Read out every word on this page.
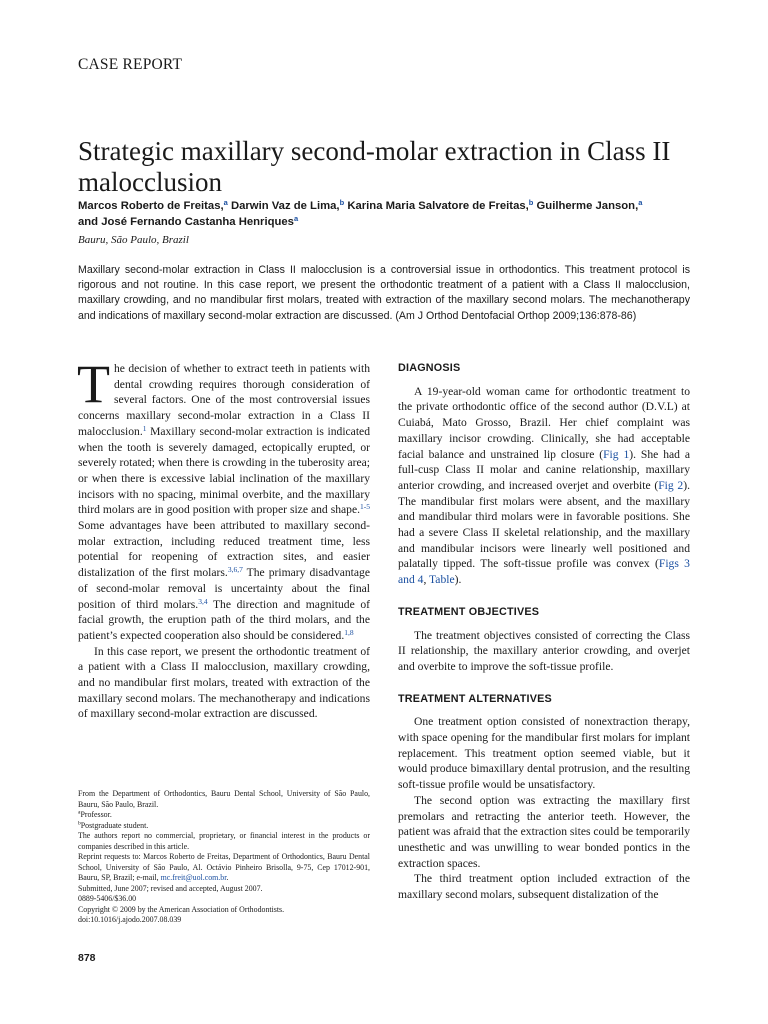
CASE REPORT
Strategic maxillary second-molar extraction in Class II malocclusion
Marcos Roberto de Freitas,$^a$ Darwin Vaz de Lima,$^b$ Karina Maria Salvatore de Freitas,$^b$ Guilherme Janson,$^a$
and José Fernando Castanha Henriques$^a$
Bauru, São Paulo, Brazil
Maxillary second-molar extraction in Class II malocclusion is a controversial issue in orthodontics. This treatment protocol is rigorous and not routine. In this case report, we present the orthodontic treatment of a patient with a Class II malocclusion, maxillary crowding, and no mandibular first molars, treated with extraction of the maxillary second molars. The mechanotherapy and indications of maxillary second-molar extraction are discussed. (Am J Orthod Dentofacial Orthop 2009;136:878-86)

The decision of whether to extract teeth in patients with dental crowding requires thorough consideration of several factors. One of the most controversial issues concerns maxillary second-molar extraction in a Class II malocclusion.$^1$ Maxillary second-molar extraction is indicated when the tooth is severely damaged, ectopically erupted, or severely rotated; when there is crowding in the tuberosity area; or when there is excessive labial inclination of the maxillary incisors with no spacing, minimal overbite, and the maxillary third molars are in good position with proper size and shape.$^{1-5}$ Some advantages have been attributed to maxillary second-molar extraction, including reduced treatment time, less potential for reopening of extraction sites, and easier distalization of the first molars.$^{3,6,7}$ The primary disadvantage of second-molar removal is uncertainty about the final position of third molars.$^{3,4}$ The direction and magnitude of facial growth, the eruption path of the third molars, and the patient’s expected cooperation also should be considered.$^{1,8}$

In this case report, we present the orthodontic treatment of a patient with a Class II malocclusion, maxillary crowding, and no mandibular first molars, treated with extraction of the maxillary second molars. The mechanotherapy and indications of maxillary second-molar extraction are discussed.

From the Department of Orthodontics, Bauru Dental School, University of São Paulo, Bauru, São Paulo, Brazil.

$^a$Professor.

$^b$Postgraduate student.

The authors report no commercial, proprietary, or financial interest in the products or companies described in this article.

Reprint requests to: Marcos Roberto de Freitas, Department of Orthodontics, Bauru Dental School, University of São Paulo, Al. Octávio Pinheiro Brisolla, 9-75, Cep 17012-901, Bauru, SP, Brazil; e-mail, mc.freit@uol.com.br.

Submitted, June 2007; revised and accepted, August 2007.

0889-5406/$36.00

Copyright © 2009 by the American Association of Orthodontists.

doi:10.1016/j.ajodo.2007.08.039

DIAGNOSIS

A 19-year-old woman came for orthodontic treatment to the private orthodontic office of the second author (D.V.L) at Cuiabá, Mato Grosso, Brazil. Her chief complaint was maxillary incisor crowding. Clinically, she had acceptable facial balance and unstrained lip closure (Fig 1). She had a full-cusp Class II molar and canine relationship, maxillary anterior crowding, and increased overjet and overbite (Fig 2). The mandibular first molars were absent, and the maxillary and mandibular third molars were in favorable positions. She had a severe Class II skeletal relationship, and the maxillary and mandibular incisors were linearly well positioned and palatally tipped. The soft-tissue profile was convex (Figs 3 and 4, Table).

TREATMENT OBJECTIVES

The treatment objectives consisted of correcting the Class II relationship, the maxillary anterior crowding, and overjet and overbite to improve the soft-tissue profile.

TREATMENT ALTERNATIVES

One treatment option consisted of nonextraction therapy, with space opening for the mandibular first molars for implant replacement. This treatment option seemed viable, but it would produce bimaxillary dental protrusion, and the resulting soft-tissue profile would be unsatisfactory.

The second option was extracting the maxillary first premolars and retracting the anterior teeth. However, the patient was afraid that the extraction sites could be temporarily unesthetic and was unwilling to wear bonded pontics in the extraction spaces.

The third treatment option included extraction of the maxillary second molars, subsequent distalization of the

878
